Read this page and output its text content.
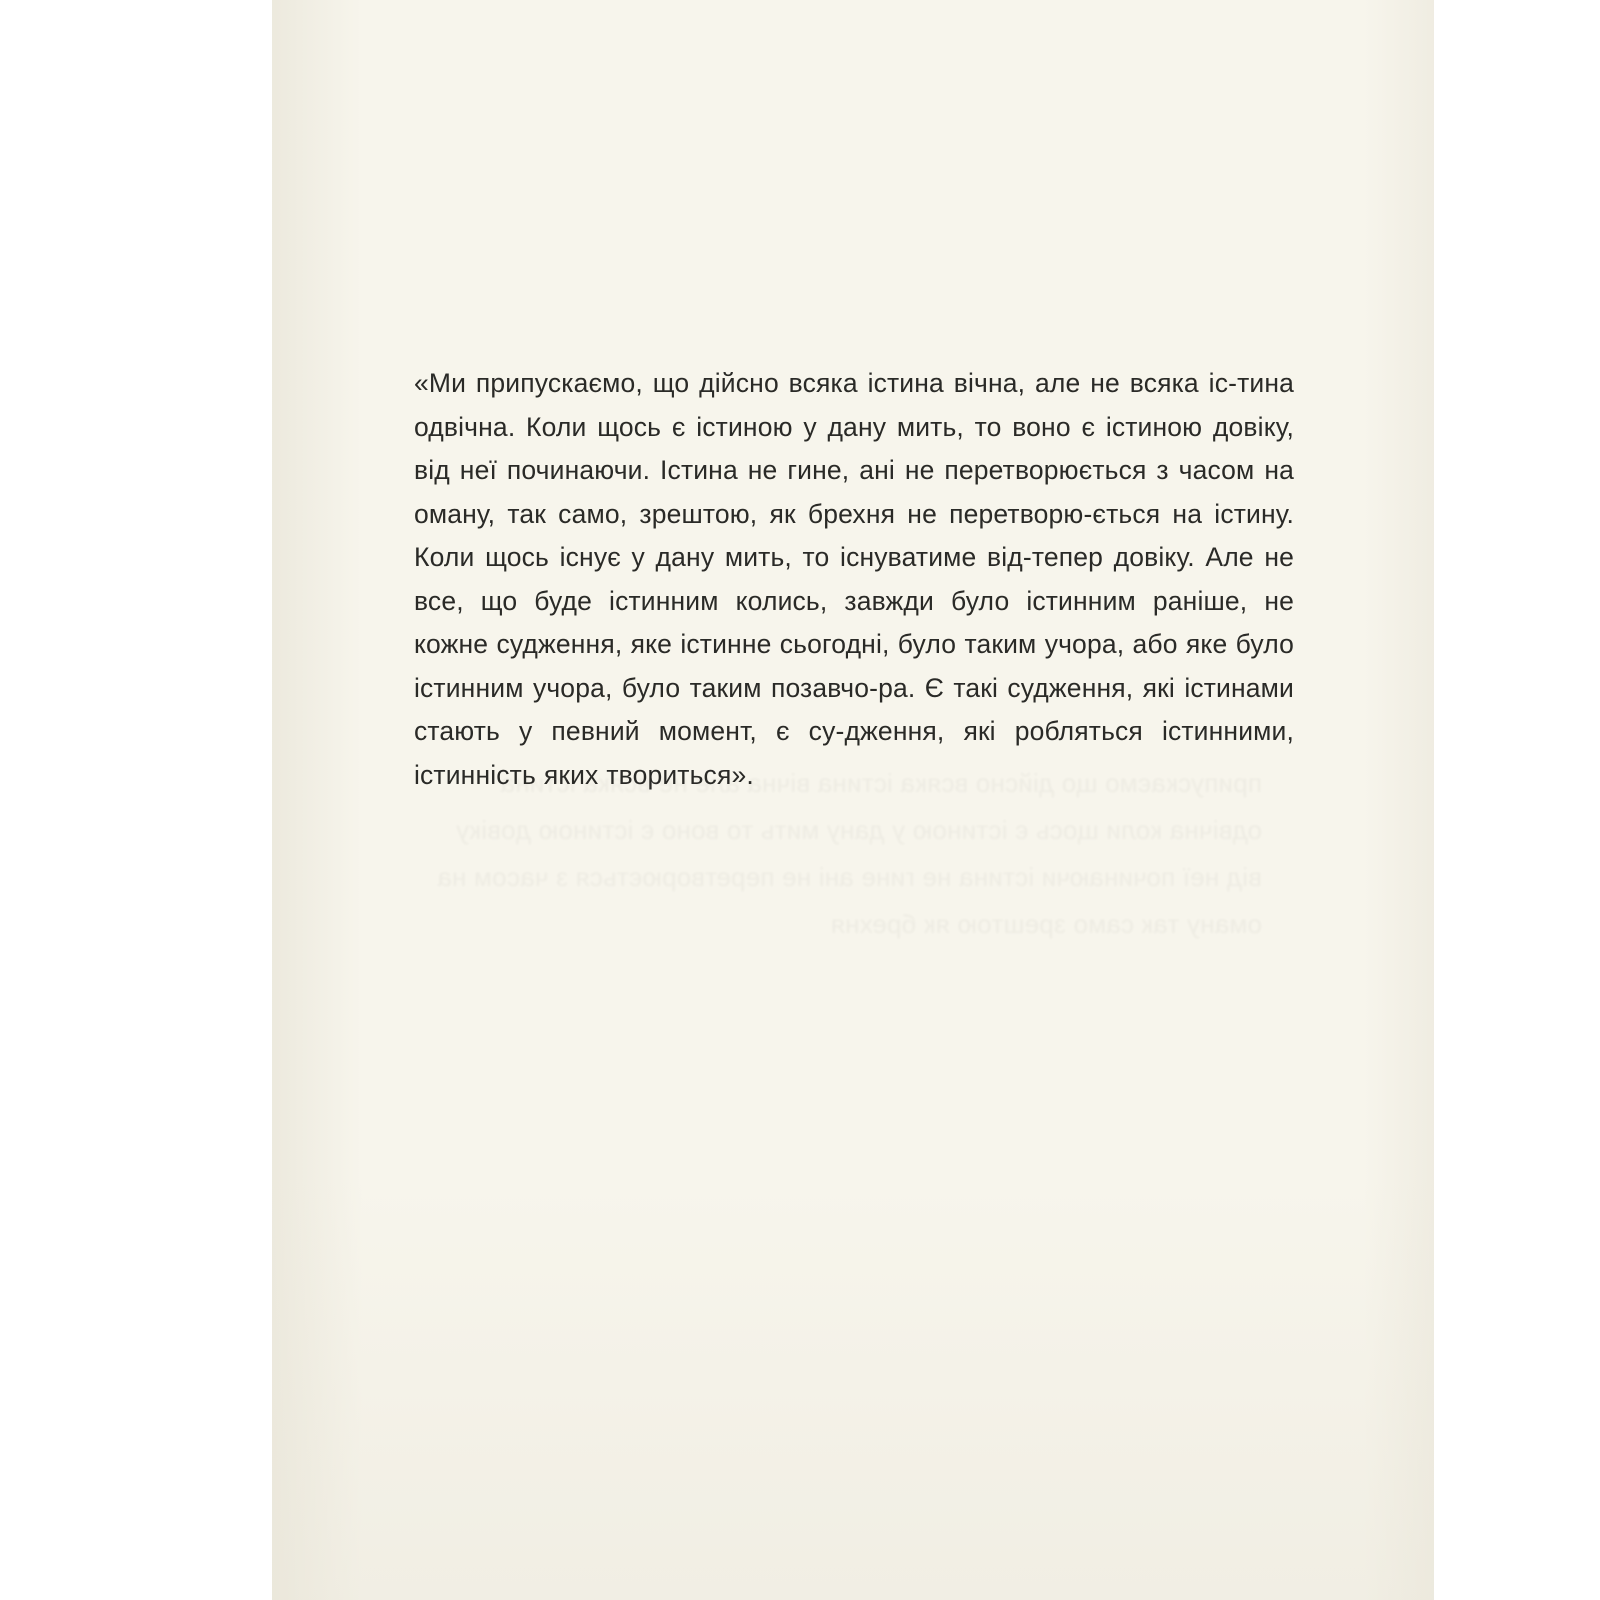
«Ми припускаємо, що дійсно всяка істина вічна, але не всяка іс-тина одвічна. Коли щось є істиною у дану мить, то воно є істиною довіку, від неї починаючи. Істина не гине, ані не перетворюється з часом на оману, так само, зрештою, як брехня не перетворю-ється на істину. Коли щось існує у дану мить, то існуватиме від-тепер довіку. Але не все, що буде істинним колись, завжди було істинним раніше, не кожне судження, яке істинне сьогодні, було таким учора, або яке було істинним учора, було таким позавчо-ра. Є такі судження, які істинами стають у певний момент, є су-дження, які робляться істинними, істинність яких твориться».
